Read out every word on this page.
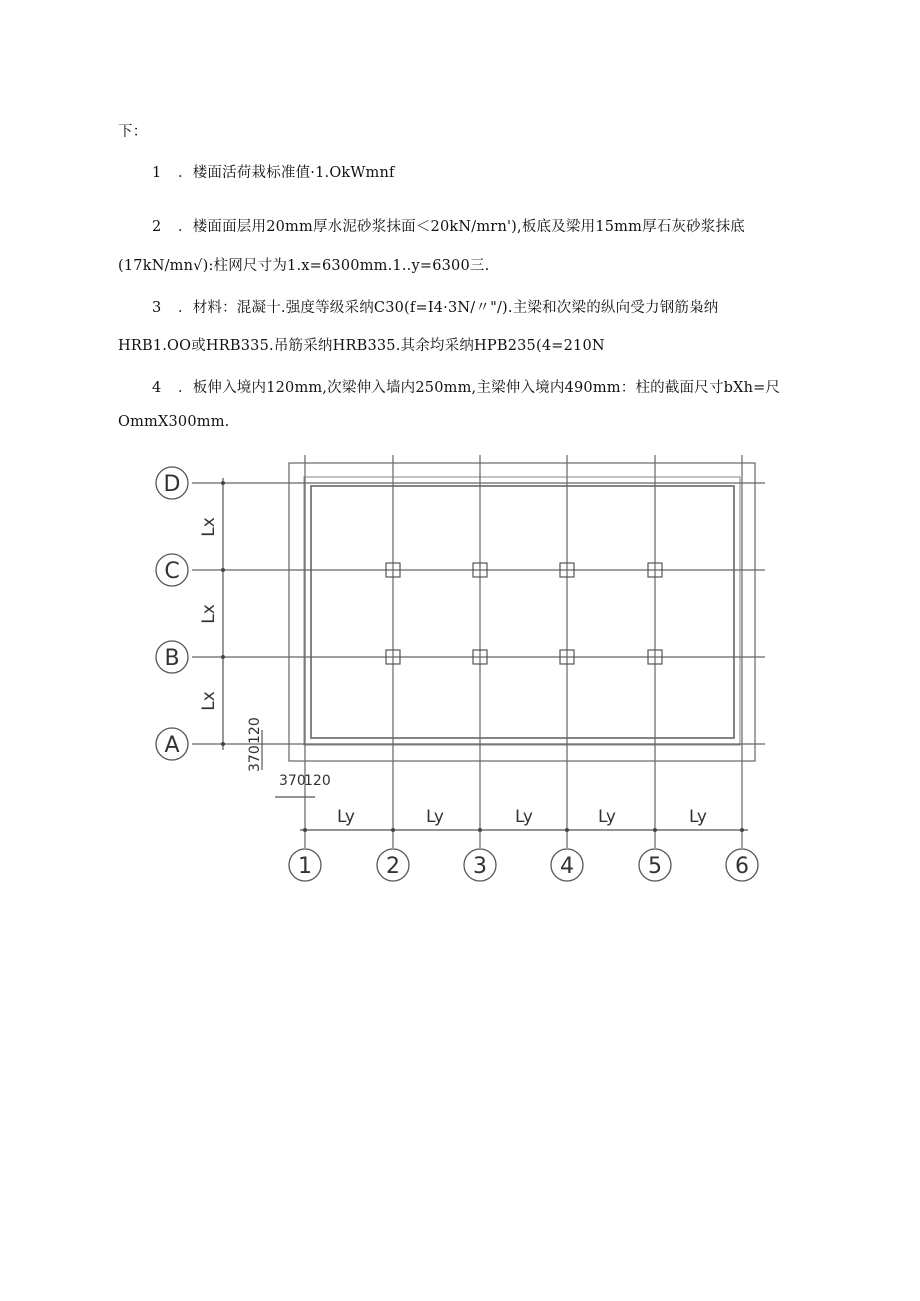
下：
1 ．楼面活荷栽标准值·1.OkWmnf
2 ．楼面面层用20mm厚水泥砂浆抹面＜20kN/mrn'),板底及梁用15mm厚石灰砂浆抹底
(17kN/mn√):柱网尺寸为1.x=6300mm.1..y=6300三.
3 ．材料：混凝十.强度等级采纳C30(f=I4·3N/〃"/).主梁和次梁的纵向受力钢筋枭纳
HRB1.OO或HRB335.吊筋采纳HRB335.其余均采纳HPB235(4=210N
4 ．板伸入境内120mm,次梁伸入墙内250mm,主梁伸入境内490mm：柱的截面尺寸bXh=尺
OmmX300mm.
D
C
B
A
1	2	3	4	5	6
Lx
Lx
Lx
Ly	Ly	Ly	Ly	Ly
370
120
370
120
